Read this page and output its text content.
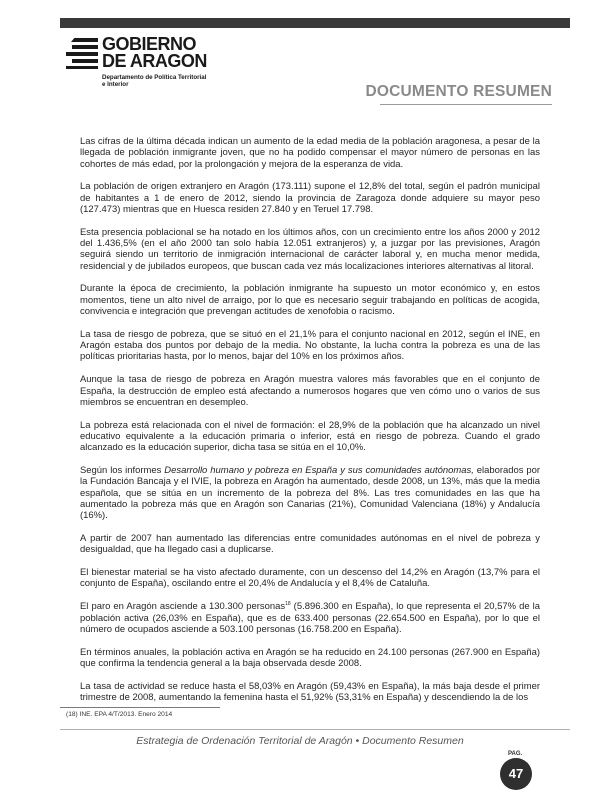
GOBIERNO
DE ARAGON
Departamento de Política Territorial
e Interior	DOCUMENTO RESUMEN

Las cifras de la última década indican un aumento de la edad media de la población aragonesa, a pesar de la llegada de población inmigrante joven, que no ha podido compensar el mayor número de personas en las cohortes de más edad, por la prolongación y mejora de la esperanza de vida.

La población de origen extranjero en Aragón (173.111) supone el 12,8% del total, según el padrón municipal de habitantes a 1 de enero de 2012, siendo la provincia de Zaragoza donde adquiere su mayor peso (127.473) mientras que en Huesca residen 27.840 y en Teruel 17.798.

Esta presencia poblacional se ha notado en los últimos años, con un crecimiento entre los años 2000 y 2012 del 1.436,5% (en el año 2000 tan solo había 12.051 extranjeros) y, a juzgar por las previsiones, Aragón seguirá siendo un territorio de inmigración internacional de carácter laboral y, en mucha menor medida, residencial y de jubilados europeos, que buscan cada vez más localizaciones interiores alternativas al litoral.

Durante la época de crecimiento, la población inmigrante ha supuesto un motor económico y, en estos momentos, tiene un alto nivel de arraigo, por lo que es necesario seguir trabajando en políticas de acogida, convivencia e integración que prevengan actitudes de xenofobia o racismo.

La tasa de riesgo de pobreza, que se situó en el 21,1% para el conjunto nacional en 2012, según el INE, en Aragón estaba dos puntos por debajo de la media. No obstante, la lucha contra la pobreza es una de las políticas prioritarias hasta, por lo menos, bajar del 10% en los próximos años.

Aunque la tasa de riesgo de pobreza en Aragón muestra valores más favorables que en el conjunto de España, la destrucción de empleo está afectando a numerosos hogares que ven cómo uno o varios de sus miembros se encuentran en desempleo.

La pobreza está relacionada con el nivel de formación: el 28,9% de la población que ha alcanzado un nivel educativo equivalente a la educación primaria o inferior, está en riesgo de pobreza. Cuando el grado alcanzado es la educación superior, dicha tasa se sitúa en el 10,0%.

Según los informes Desarrollo humano y pobreza en España y sus comunidades autónomas, elaborados por la Fundación Bancaja y el IVIE, la pobreza en Aragón ha aumentado, desde 2008, un 13%, más que la media española, que se sitúa en un incremento de la pobreza del 8%. Las tres comunidades en las que ha aumentado la pobreza más que en Aragón son Canarias (21%), Comunidad Valenciana (18%) y Andalucía (16%).

A partir de 2007 han aumentado las diferencias entre comunidades autónomas en el nivel de pobreza y desigualdad, que ha llegado casi a duplicarse.

El bienestar material se ha visto afectado duramente, con un descenso del 14,2% en Aragón (13,7% para el conjunto de España), oscilando entre el 20,4% de Andalucía y el 8,4% de Cataluña.

El paro en Aragón asciende a 130.300 personas$^{18}$ (5.896.300 en España), lo que representa el 20,57% de la población activa (26,03% en España), que es de 633.400 personas (22.654.500 en España), por lo que el número de ocupados asciende a 503.100 personas (16.758.200 en España).

En términos anuales, la población activa en Aragón se ha reducido en 24.100 personas (267.900 en España) que confirma la tendencia general a la baja observada desde 2008.

La tasa de actividad se reduce hasta el 58,03% en Aragón (59,43% en España), la más baja desde el primer trimestre de 2008, aumentando la femenina hasta el 51,92% (53,31% en España) y descendiendo la de los

(18) INE. EPA 4/T/2013. Enero 2014
Estrategia de Ordenación Territorial de Aragón • Documento Resumen
PAG.
47
